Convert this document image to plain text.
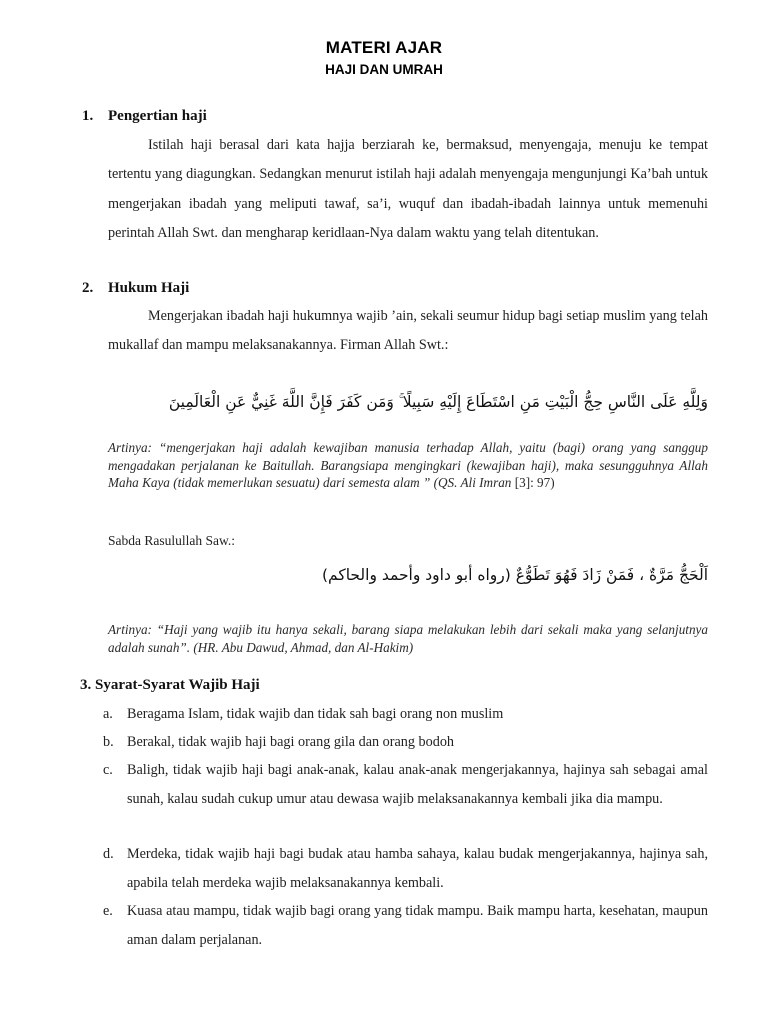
MATERI AJAR
HAJI DAN UMRAH
1. Pengertian haji
Istilah haji berasal dari kata hajja berziarah ke, bermaksud, menyengaja, menuju ke tempat tertentu yang diagungkan. Sedangkan menurut istilah haji adalah menyengaja mengunjungi Ka’bah untuk mengerjakan ibadah yang meliputi tawaf, sa’i, wuquf dan ibadah-ibadah lainnya untuk memenuhi perintah Allah Swt. dan mengharap keridlaan-Nya dalam waktu yang telah ditentukan.
2. Hukum Haji
Mengerjakan ibadah haji hukumnya wajib ’ain, sekali seumur hidup bagi setiap muslim yang telah mukallaf dan mampu melaksanakannya. Firman Allah Swt.:
وَلِلَّهِ عَلَى النَّاسِ حِجُّ الْبَيْتِ مَنِ اسْتَطَاعَ إِلَيْهِ سَبِيلًا ۚ وَمَن كَفَرَ فَإِنَّ اللَّهَ غَنِيٌّ عَنِ الْعَالَمِينَ
Artinya: “mengerjakan haji adalah kewajiban manusia terhadap Allah, yaitu (bagi) orang yang sanggup mengadakan perjalanan ke Baitullah. Barangsiapa mengingkari (kewajiban haji), maka sesungguhnya Allah Maha Kaya (tidak memerlukan sesuatu) dari semesta alam ” (QS. Ali Imran [3]: 97)
Sabda Rasulullah Saw.:
اَلْحَجُّ مَرَّةٌ ، فَمَنْ زَادَ فَهُوَ تَطَوُّعٌ (رواه أبو داود وأحمد والحاكم)
Artinya: “Haji yang wajib itu hanya sekali, barang siapa melakukan lebih dari sekali maka yang selanjutnya adalah sunah”. (HR. Abu Dawud, Ahmad, dan Al-Hakim)
3. Syarat-Syarat Wajib Haji
a. Beragama Islam, tidak wajib dan tidak sah bagi orang non muslim
b. Berakal, tidak wajib haji bagi orang gila dan orang bodoh
c. Baligh, tidak wajib haji bagi anak-anak, kalau anak-anak mengerjakannya, hajinya sah sebagai amal sunah, kalau sudah cukup umur atau dewasa wajib melaksanakannya kembali jika dia mampu.
d. Merdeka, tidak wajib haji bagi budak atau hamba sahaya, kalau budak mengerjakannya, hajinya sah, apabila telah merdeka wajib melaksanakannya kembali.
e. Kuasa atau mampu, tidak wajib bagi orang yang tidak mampu. Baik mampu harta, kesehatan, maupun aman dalam perjalanan.
